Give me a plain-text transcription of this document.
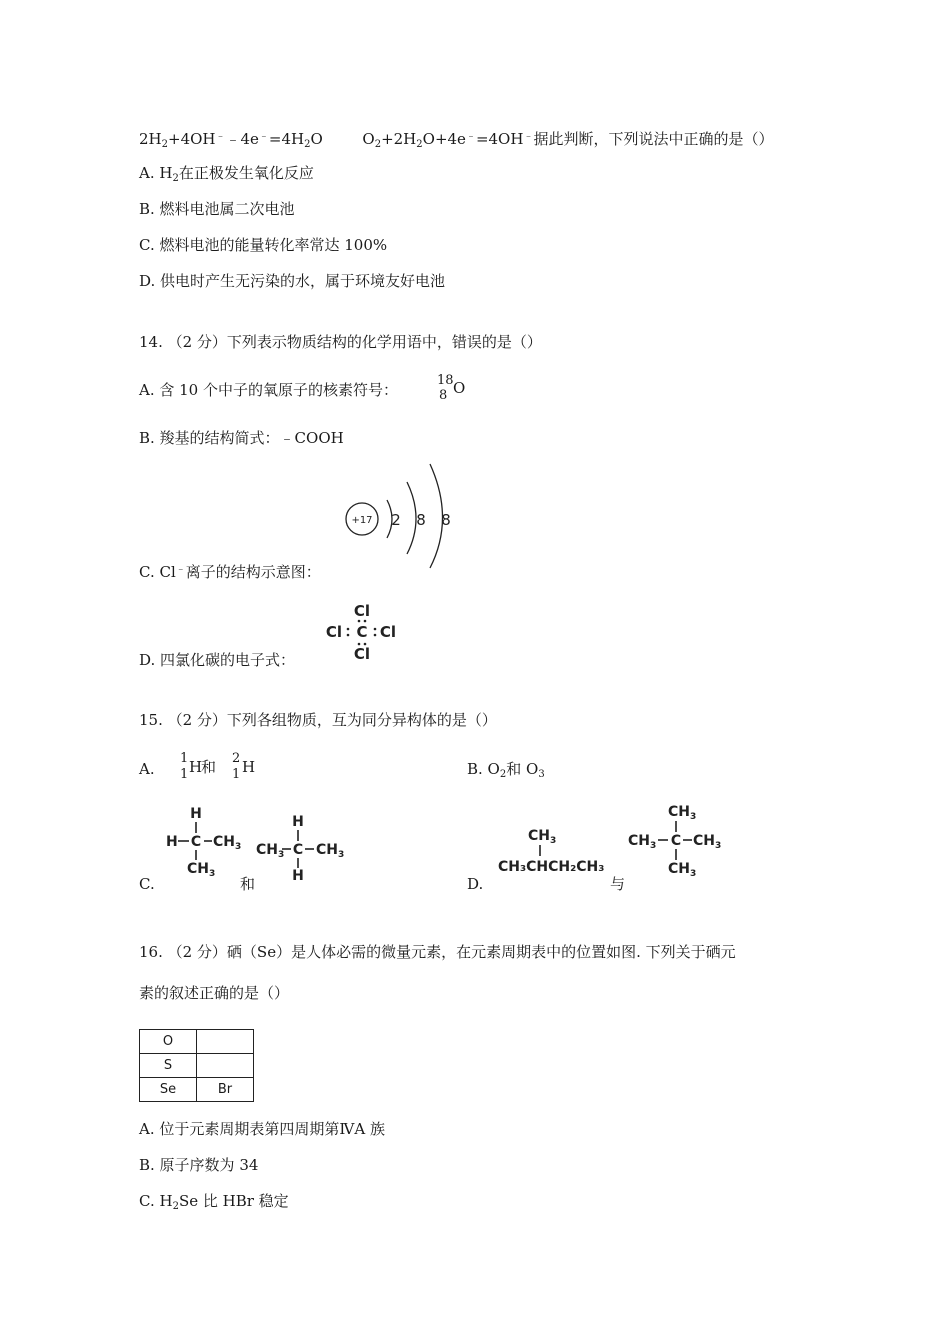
$2H_2+4OH^﹣﹣4e^﹣=4H_2O$	$O_2+2H_2O+4e^﹣=4OH^﹣$据此判断，下列说法中正确的是（）
A. $H_2$在正极发生氧化反应
B. 燃料电池属二次电池
C. 燃料电池的能量转化率常达 100%
D. 供电时产生无污染的水，属于环境友好电池
14. （2 分）下列表示物质结构的化学用语中，错误的是（）
A. 含 10 个中子的氧原子的核素符号：
18
8 O
B. 羧基的结构简式：﹣COOH
+17 2 8 8
C. Cl﹣离子的结构示意图：
Cl
Cl C Cl
Cl
D. 四氯化碳的电子式：
15. （2 分）下列各组物质，互为同分异构体的是（）
A.
1
1 H
和 2
1 H	B. $O_2$和 $O_3$
H
H C $CH_3$
$CH_3$
H
$CH_3$ C $CH_3$
H
C.	和
$CH_3$
CH₃CHCH₂CH₃
$CH_3$
$CH_3$ C $CH_3$
$CH_3$
D.	与
16. （2 分）硒（Se）是人体必需的微量元素，在元素周期表中的位置如图. 下列关于硒元
素的叙述正确的是（）
O	
S	
Se	Br
A. 位于元素周期表第四周期第ⅣA 族
B. 原子序数为 34
C. $H_2Se$ 比 HBr 稳定
